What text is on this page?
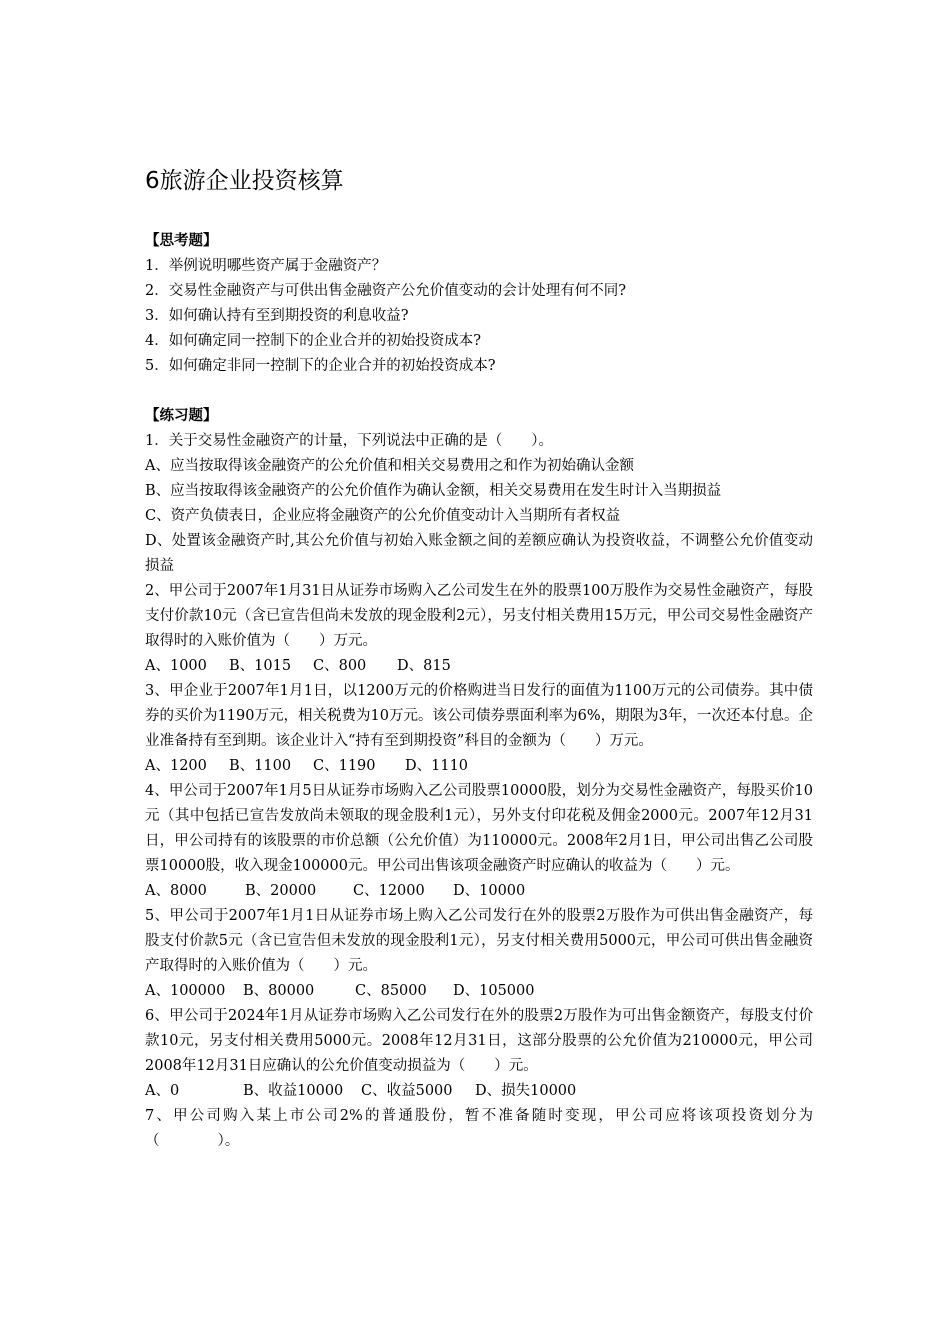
6旅游企业投资核算
【思考题】
1．举例说明哪些资产属于金融资产？
2．交易性金融资产与可供出售金融资产公允价值变动的会计处理有何不同?
3．如何确认持有至到期投资的利息收益?
4．如何确定同一控制下的企业合并的初始投资成本?
5．如何确定非同一控制下的企业合并的初始投资成本?
【练习题】
1．关于交易性金融资产的计量，下列说法中正确的是（　　）。
A、应当按取得该金融资产的公允价值和相关交易费用之和作为初始确认金额
B、应当按取得该金融资产的公允价值作为确认金额，相关交易费用在发生时计入当期损益
C、资产负债表日，企业应将金融资产的公允价值变动计入当期所有者权益
D、处置该金融资产时,其公允价值与初始入账金额之间的差额应确认为投资收益，不调整公允价值变动损益
2、甲公司于2007年1月31日从证券市场购入乙公司发生在外的股票100万股作为交易性金融资产，每股支付价款10元（含已宣告但尚未发放的现金股利2元），另支付相关费用15万元，甲公司交易性金融资产取得时的入账价值为（　　）万元。
A、1000	B、1015	C、800	D、815
3、甲企业于2007年1月1日，以1200万元的价格购进当日发行的面值为1100万元的公司债券。其中债券的买价为1190万元，相关税费为10万元。该公司债券票面利率为6%，期限为3年，一次还本付息。企业准备持有至到期。该企业计入“持有至到期投资”科目的金额为（　　）万元。
A、1200	B、1100	C、1190	D、1110
4、甲公司于2007年1月5日从证券市场购入乙公司股票10000股，划分为交易性金融资产，每股买价10元（其中包括已宣告发放尚未领取的现金股利1元），另外支付印花税及佣金2000元。2007年12月31日，甲公司持有的该股票的市价总额（公允价值）为110000元。2008年2月1日，甲公司出售乙公司股票10000股，收入现金100000元。甲公司出售该项金融资产时应确认的收益为（　　）元。
A、8000	B、20000	C、12000	D、10000
5、甲公司于2007年1月1日从证券市场上购入乙公司发行在外的股票2万股作为可供出售金融资产，每股支付价款5元（含已宣告但未发放的现金股利1元），另支付相关费用5000元，甲公司可供出售金融资产取得时的入账价值为（　　）元。
A、100000	B、80000	C、85000	D、105000
6、甲公司于2024年1月从证券市场购入乙公司发行在外的股票2万股作为可出售金额资产，每股支付价款10元，另支付相关费用5000元。2008年12月31日，这部分股票的公允价值为210000元，甲公司2008年12月31日应确认的公允价值变动损益为（　　）元。
A、0	B、收益10000	C、收益5000	D、损失10000
7、甲公司购入某上市公司2%的普通股份，暂不准备随时变现，甲公司应将该项投资划分为（　　　　）。
